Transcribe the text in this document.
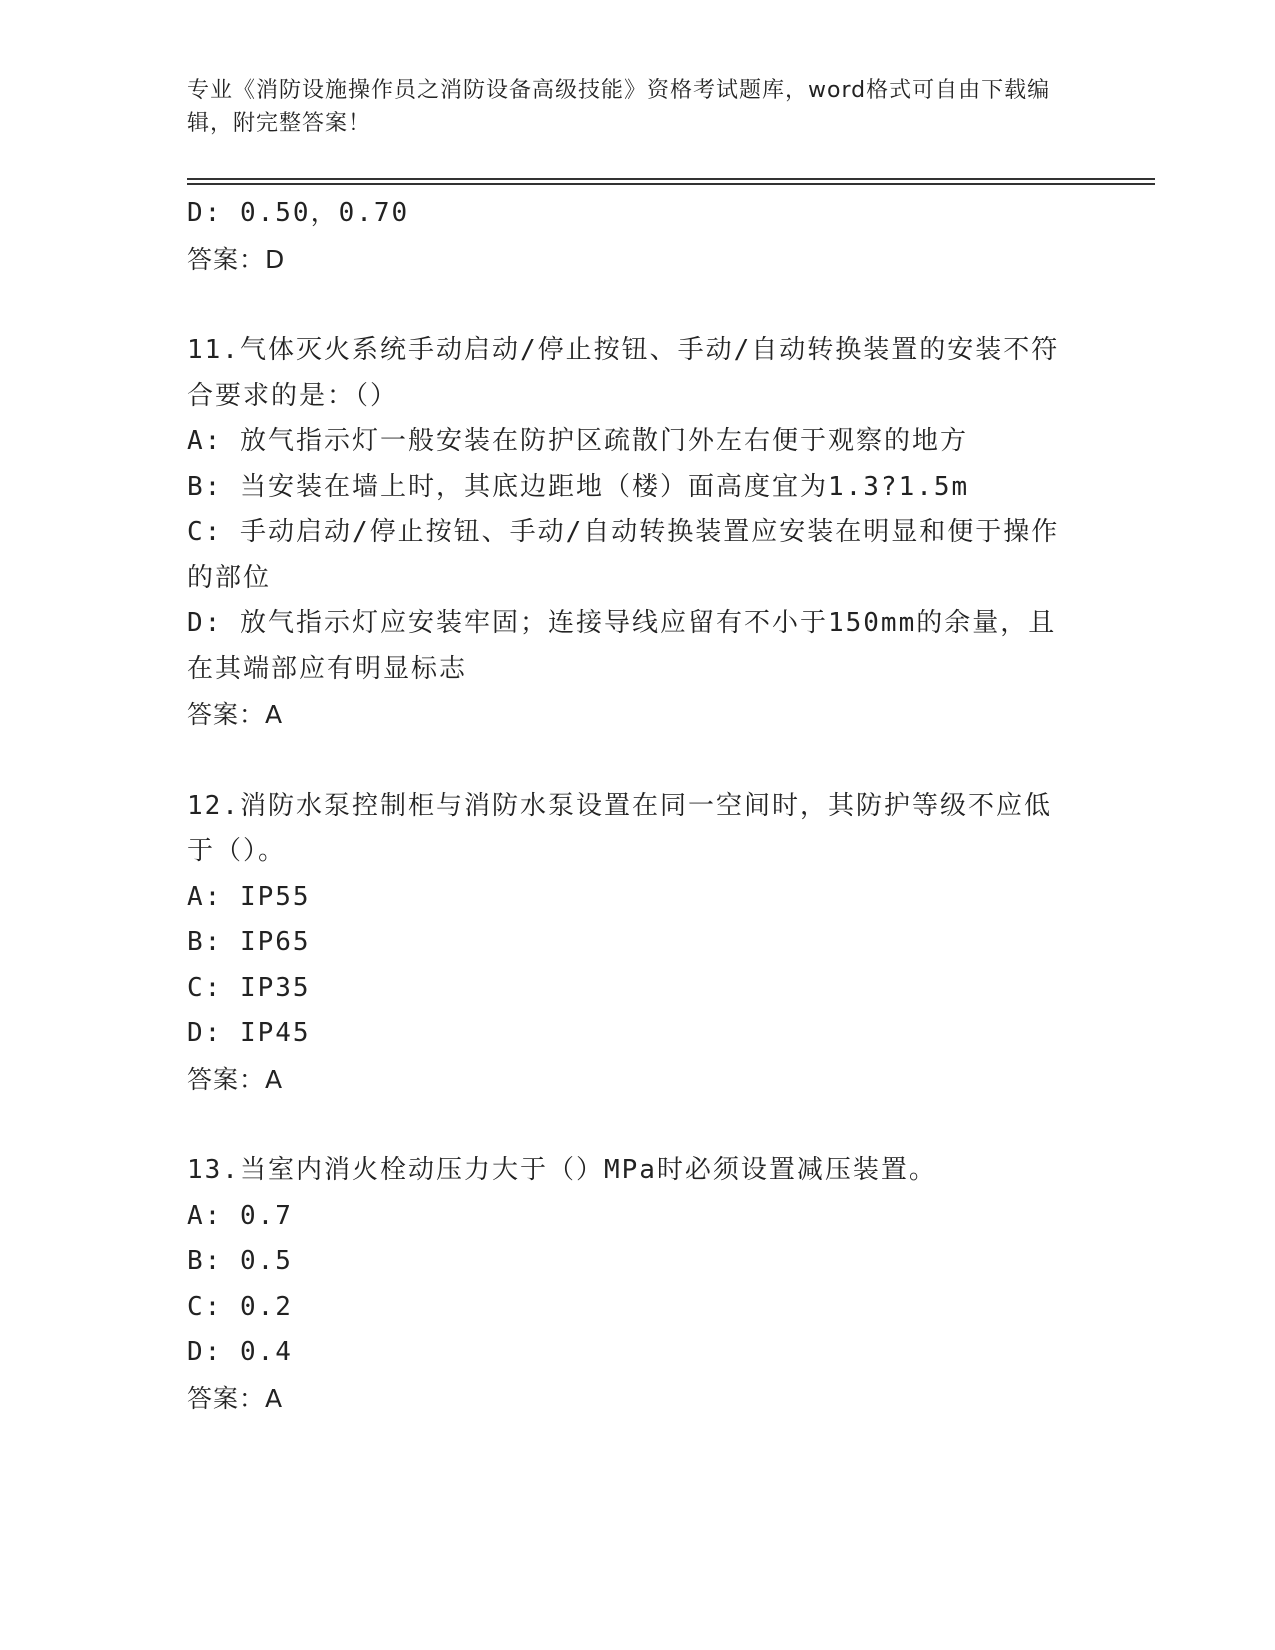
专业《消防设施操作员之消防设备高级技能》资格考试题库，word格式可自由下载编辑，附完整答案！
D: 0.50，0.70
答案：D
11.气体灭火系统手动启动/停止按钮、手动/自动转换装置的安装不符
合要求的是：（）
A: 放气指示灯一般安装在防护区疏散门外左右便于观察的地方
B: 当安装在墙上时，其底边距地（楼）面高度宜为1.3?1.5m
C: 手动启动/停止按钮、手动/自动转换装置应安装在明显和便于操作
的部位
D: 放气指示灯应安装牢固；连接导线应留有不小于150mm的余量，且
在其端部应有明显标志
答案：A
12.消防水泵控制柜与消防水泵设置在同一空间时，其防护等级不应低
于（）。
A: IP55
B: IP65
C: IP35
D: IP45
答案：A
13.当室内消火栓动压力大于（）MPa时必须设置减压装置。
A: 0.7
B: 0.5
C: 0.2
D: 0.4
答案：A
